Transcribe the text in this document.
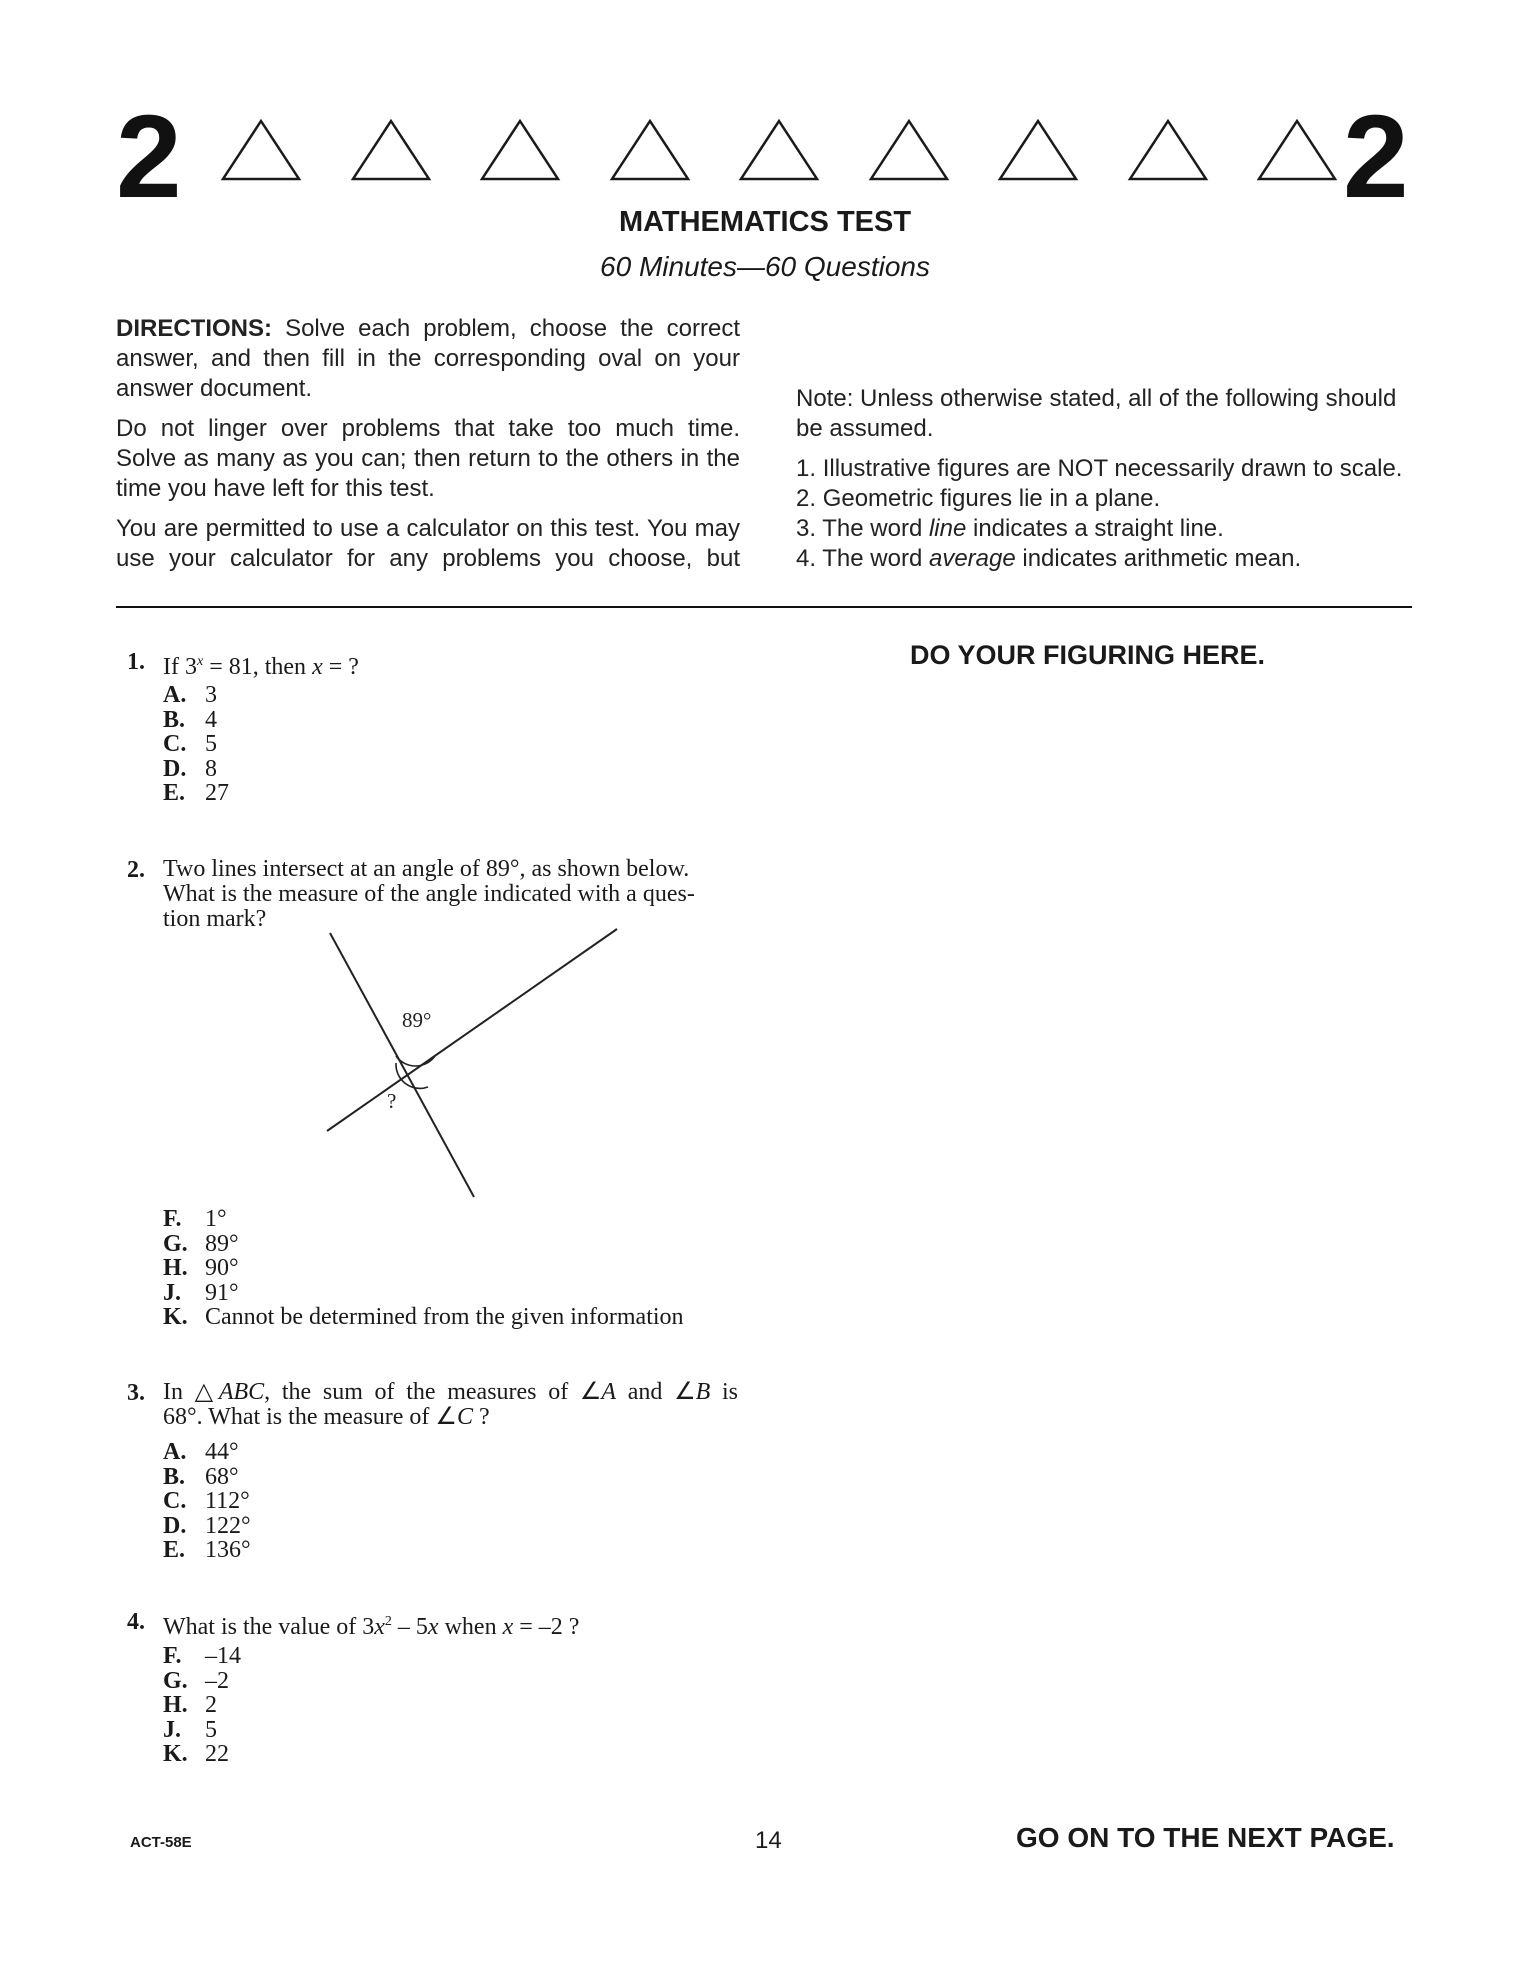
2	2
MATHEMATICS TEST
60 Minutes—60 Questions

DIRECTIONS: Solve each problem, choose the correct answer, and then fill in the corresponding oval on your answer document.

Do not linger over problems that take too much time. Solve as many as you can; then return to the others in the time you have left for this test.

You are permitted to use a calculator on this test. You may use your calculator for any problems you choose, but

Note: Unless otherwise stated, all of the following should be assumed.

1. Illustrative figures are NOT necessarily drawn to scale.
2. Geometric figures lie in a plane.
3. The word line indicates a straight line.
4. The word average indicates arithmetic mean.
DO YOUR FIGURING HERE.
1. If $3^x = 81$, then x = ?
A. 3
B. 4
C. 5
D. 8
E. 27
2. Two lines intersect at an angle of 89°, as shown below.
What is the measure of the angle indicated with a ques-
tion mark?
89°
?
F. 1°
G. 89°
H. 90°
J.	91°
K. Cannot be determined from the given information
3. In △ABC, the sum of the measures of ∠A and ∠B is
68°. What is the measure of ∠C ?
A. 44°
B. 68°
C. 112°
D. 122°
E. 136°
4. What is the value of $3x^2 - 5x$ when x = –2 ?
F. –14
G. –2
H. 2
J.	5
K. 22
ACT-58E	14	GO ON TO THE NEXT PAGE.
